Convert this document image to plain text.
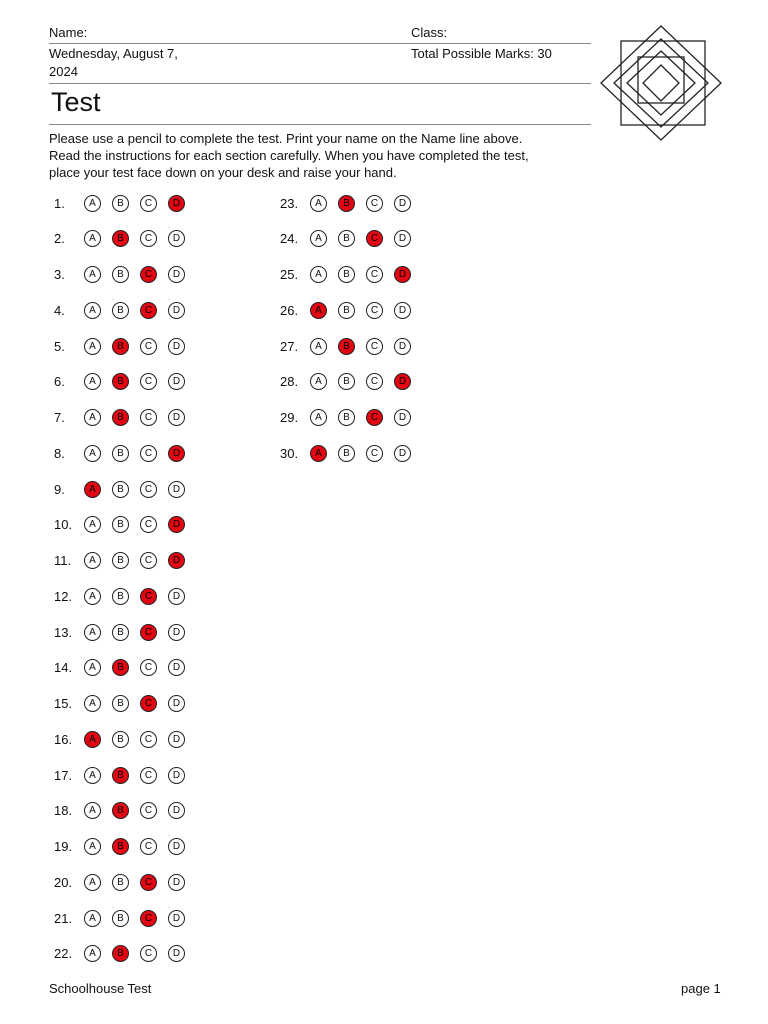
Name:	Class:
Wednesday, August 7, 2024
Total Possible Marks: 30
Test

Please use a pencil to complete the test. Print your name on the Name line above.

Read the instructions for each section carefully. When you have completed the test,

place your test face down on your desk and raise your hand.

1.	A	B	C	D
2.	A	B	C	D
3.	A	B	C	D
4.	A	B	C	D
5.	A	B	C	D
6.	A	B	C	D
7.	A	B	C	D
8.	A	B	C	D
9.	A	B	C	D
10.	A	B	C	D
11.	A	B	C	D
12.	A	B	C	D
13.	A	B	C	D
14.	A	B	C	D
15.	A	B	C	D
16.	A	B	C	D
17.	A	B	C	D
18.	A	B	C	D
19.	A	B	C	D
20.	A	B	C	D
21.	A	B	C	D
22.	A	B	C	D
23.	A	B	C	D
24.	A	B	C	D
25.	A	B	C	D
26.	A	B	C	D
27.	A	B	C	D
28.	A	B	C	D
29.	A	B	C	D
30.	A	B	C	D
Schoolhouse Test	page 1
